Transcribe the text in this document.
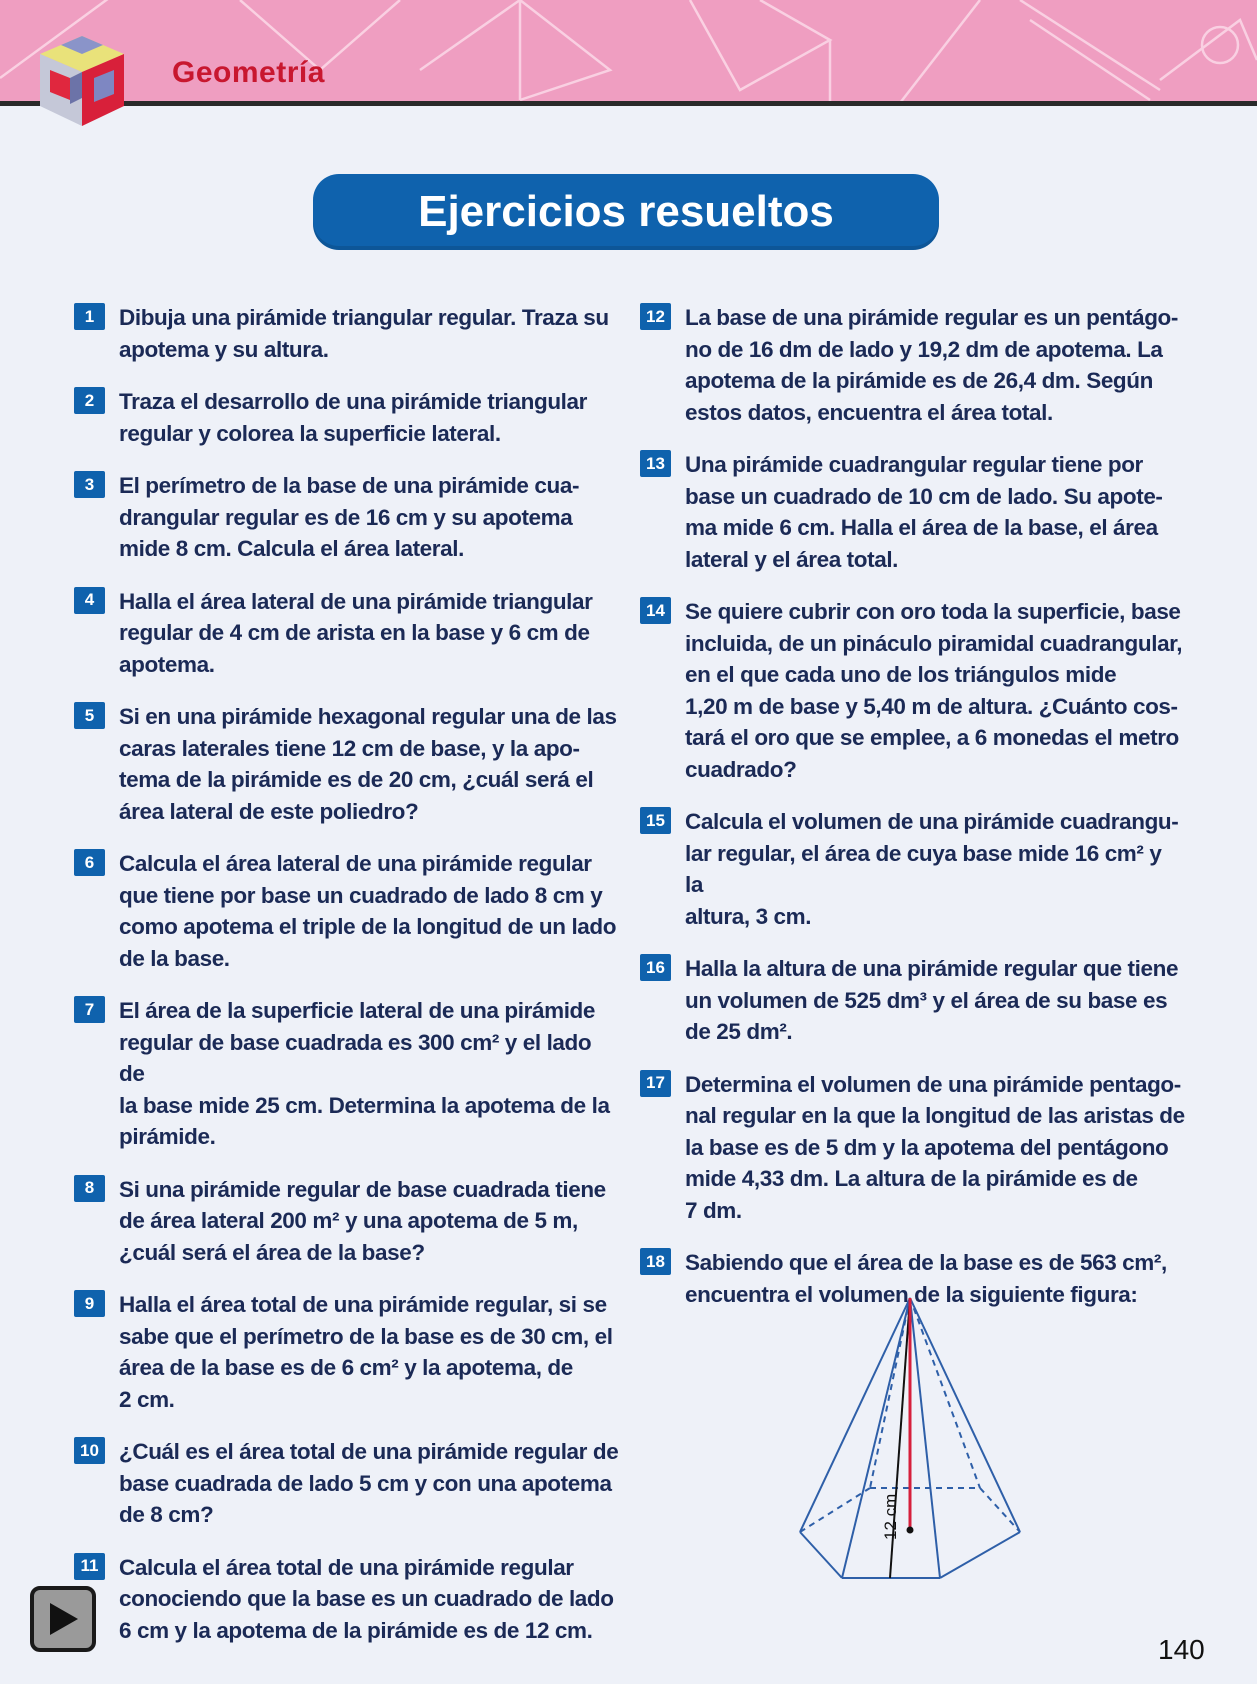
Geometría
Ejercicios resueltos
1	Dibuja una pirámide triangular regular. Traza su
apotema y su altura.
2	Traza el desarrollo de una pirámide triangular
regular y colorea la superficie lateral.
3	El perímetro de la base de una pirámide cua-
drangular regular es de 16 cm y su apotema
mide 8 cm. Calcula el área lateral.
4	Halla el área lateral de una pirámide triangular
regular de 4 cm de arista en la base y 6 cm de
apotema.
5	Si en una pirámide hexagonal regular una de las
caras laterales tiene 12 cm de base, y la apo-
tema de la pirámide es de 20 cm, ¿cuál será el
área lateral de este poliedro?
6	Calcula el área lateral de una pirámide regular
que tiene por base un cuadrado de lado 8 cm y
como apotema el triple de la longitud de un lado
de la base.
7	El área de la superficie lateral de una pirámide
regular de base cuadrada es 300 cm² y el lado de
la base mide 25 cm. Determina la apotema de la
pirámide.
8	Si una pirámide regular de base cuadrada tiene
de área lateral 200 m² y una apotema de 5 m,
¿cuál será el área de la base?
9	Halla el área total de una pirámide regular, si se
sabe que el perímetro de la base es de 30 cm, el
área de la base es de 6 cm² y la apotema, de
2 cm.
10 ¿Cuál es el área total de una pirámide regular de
base cuadrada de lado 5 cm y con una apotema
de 8 cm?
11 Calcula el área total de una pirámide regular
conociendo que la base es un cuadrado de lado
6 cm y la apotema de la pirámide es de 12 cm.
12 La base de una pirámide regular es un pentágo-
no de 16 dm de lado y 19,2 dm de apotema. La
apotema de la pirámide es de 26,4 dm. Según
estos datos, encuentra el área total.
13 Una pirámide cuadrangular regular tiene por
base un cuadrado de 10 cm de lado. Su apote-
ma mide 6 cm. Halla el área de la base, el área
lateral y el área total.
14 Se quiere cubrir con oro toda la superficie, base
incluida, de un pináculo piramidal cuadrangular,
en el que cada uno de los triángulos mide
1,20 m de base y 5,40 m de altura. ¿Cuánto cos-
tará el oro que se emplee, a 6 monedas el metro
cuadrado?
15 Calcula el volumen de una pirámide cuadrangu-
lar regular, el área de cuya base mide 16 cm² y la
altura, 3 cm.
16 Halla la altura de una pirámide regular que tiene
un volumen de 525 dm³ y el área de su base es
de 25 dm².
17 Determina el volumen de una pirámide pentago-
nal regular en la que la longitud de las aristas de
la base es de 5 dm y la apotema del pentágono
mide 4,33 dm. La altura de la pirámide es de
7 dm.
18 Sabiendo que el área de la base es de 563 cm²,
encuentra el volumen de la siguiente figura:
12 cm
140
